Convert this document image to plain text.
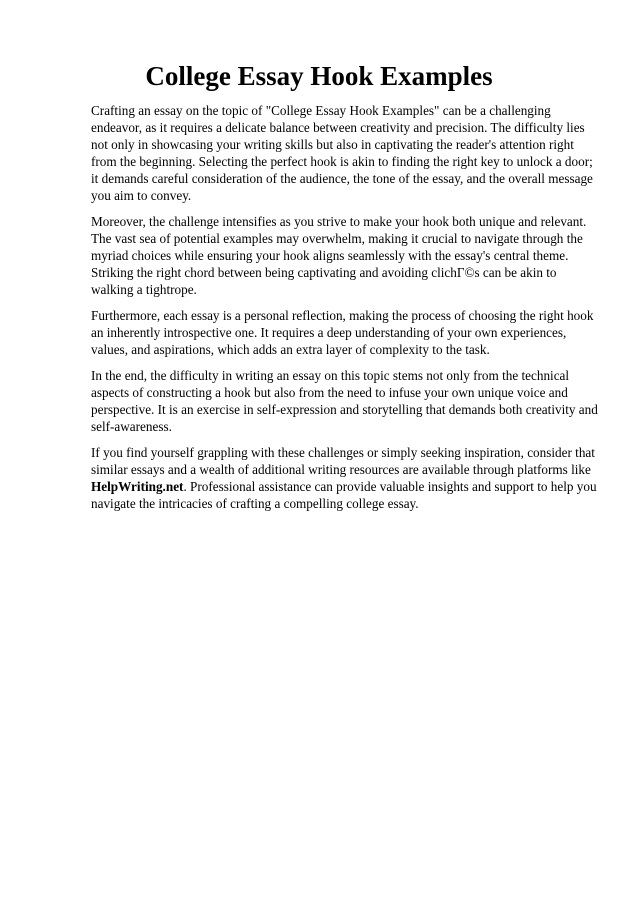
College Essay Hook Examples

Crafting an essay on the topic of "College Essay Hook Examples" can be a challenging endeavor, as it requires a delicate balance between creativity and precision. The difficulty lies not only in showcasing your writing skills but also in captivating the reader's attention right from the beginning. Selecting the perfect hook is akin to finding the right key to unlock a door; it demands careful consideration of the audience, the tone of the essay, and the overall message you aim to convey.

Moreover, the challenge intensifies as you strive to make your hook both unique and relevant. The vast sea of potential examples may overwhelm, making it crucial to navigate through the myriad choices while ensuring your hook aligns seamlessly with the essay's central theme. Striking the right chord between being captivating and avoiding clichГ©s can be akin to walking a tightrope.

Furthermore, each essay is a personal reflection, making the process of choosing the right hook an inherently introspective one. It requires a deep understanding of your own experiences, values, and aspirations, which adds an extra layer of complexity to the task.

In the end, the difficulty in writing an essay on this topic stems not only from the technical aspects of constructing a hook but also from the need to infuse your own unique voice and perspective. It is an exercise in self-expression and storytelling that demands both creativity and self-awareness.

If you find yourself grappling with these challenges or simply seeking inspiration, consider that similar essays and a wealth of additional writing resources are available through platforms like HelpWriting.net. Professional assistance can provide valuable insights and support to help you navigate the intricacies of crafting a compelling college essay.
